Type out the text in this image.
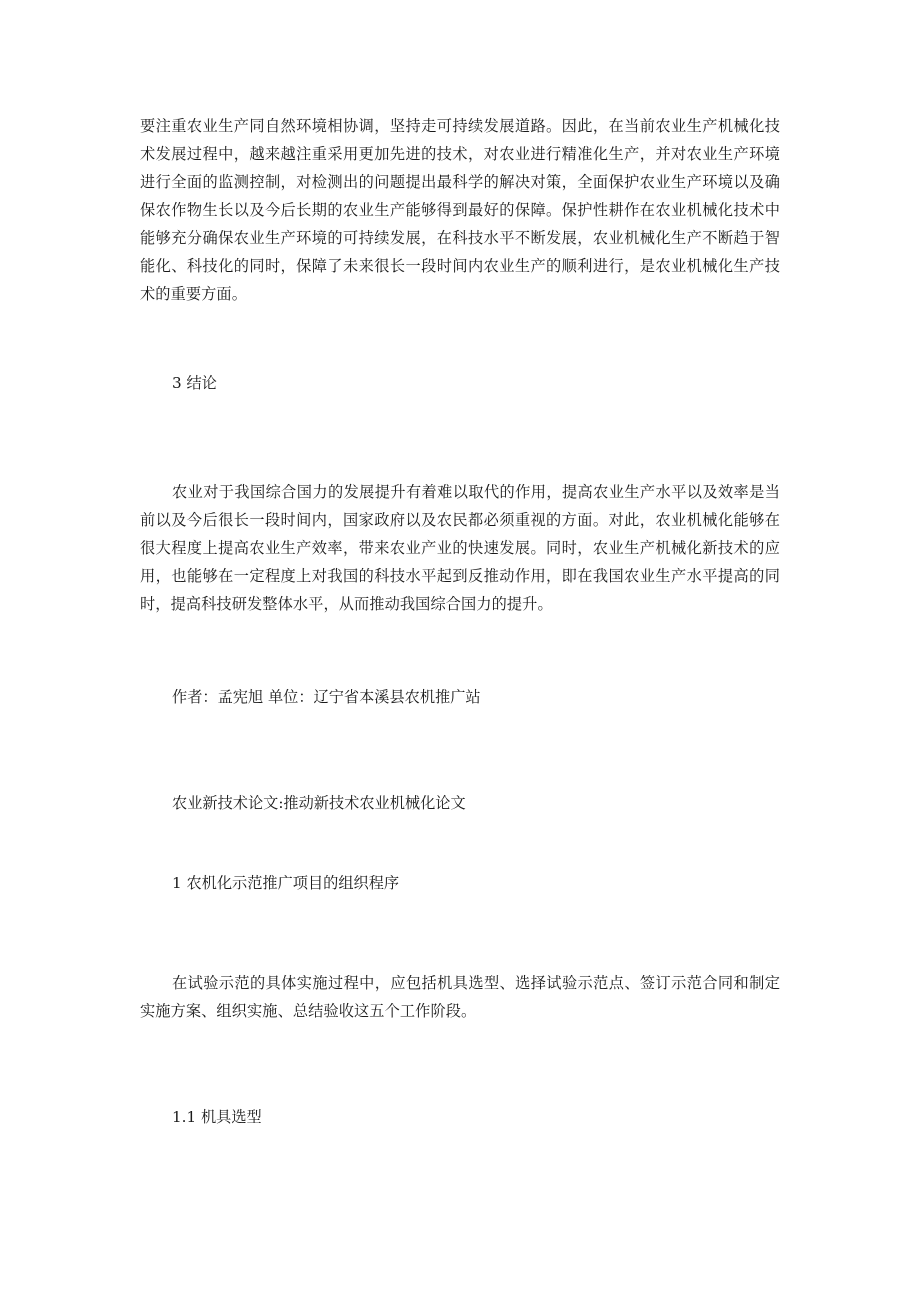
要注重农业生产同自然环境相协调，坚持走可持续发展道路。因此，在当前农业生产机械化技术发展过程中，越来越注重采用更加先进的技术，对农业进行精准化生产，并对农业生产环境进行全面的监测控制，对检测出的问题提出最科学的解决对策，全面保护农业生产环境以及确保农作物生长以及今后长期的农业生产能够得到最好的保障。保护性耕作在农业机械化技术中能够充分确保农业生产环境的可持续发展，在科技水平不断发展，农业机械化生产不断趋于智能化、科技化的同时，保障了未来很长一段时间内农业生产的顺利进行，是农业机械化生产技术的重要方面。

3 结论

农业对于我国综合国力的发展提升有着难以取代的作用，提高农业生产水平以及效率是当前以及今后很长一段时间内，国家政府以及农民都必须重视的方面。对此，农业机械化能够在很大程度上提高农业生产效率，带来农业产业的快速发展。同时，农业生产机械化新技术的应用，也能够在一定程度上对我国的科技水平起到反推动作用，即在我国农业生产水平提高的同时，提高科技研发整体水平，从而推动我国综合国力的提升。

作者：孟宪旭 单位：辽宁省本溪县农机推广站

农业新技术论文:推动新技术农业机械化论文

1 农机化示范推广项目的组织程序

在试验示范的具体实施过程中，应包括机具选型、选择试验示范点、签订示范合同和制定实施方案、组织实施、总结验收这五个工作阶段。

1.1 机具选型
